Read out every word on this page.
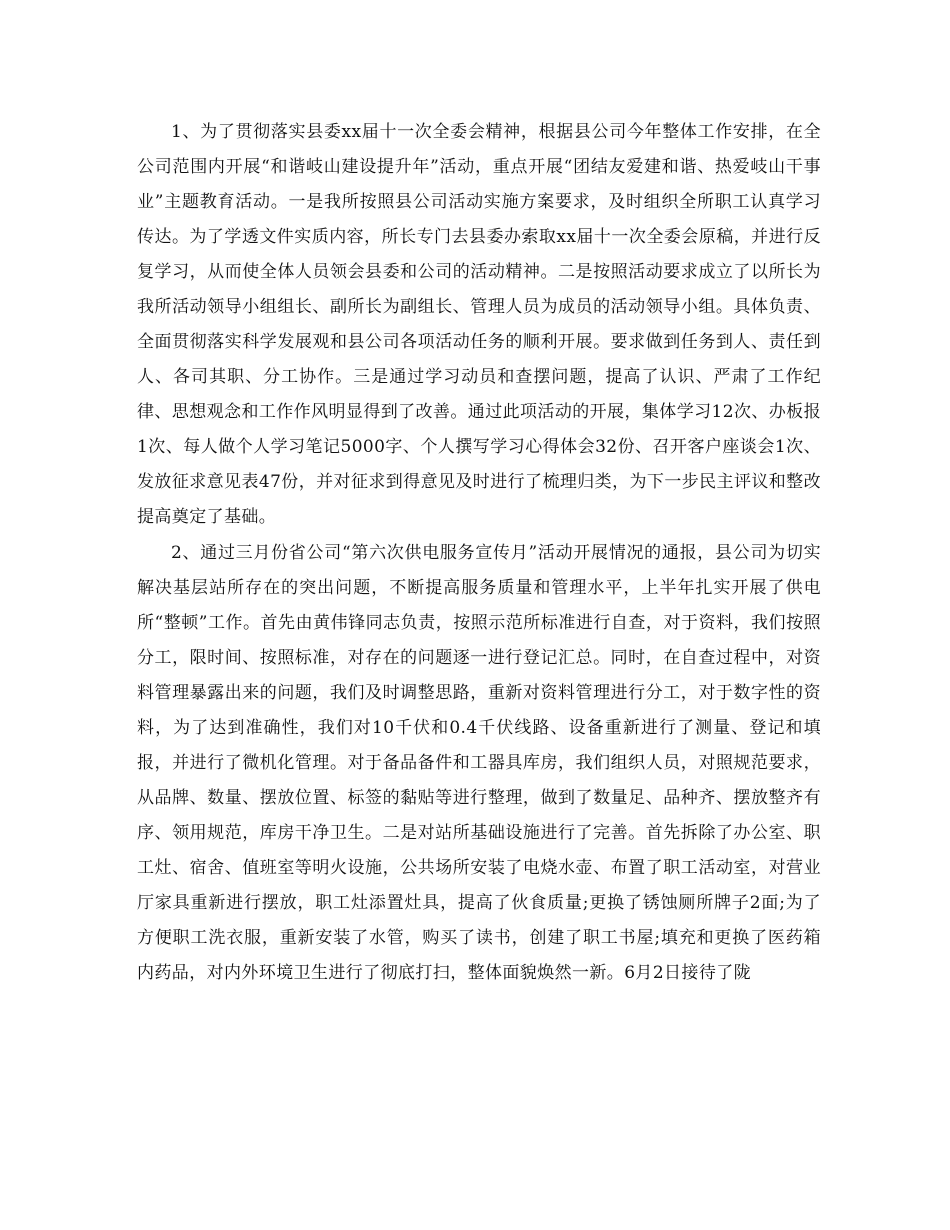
1、为了贯彻落实县委xx届十一次全委会精神，根据县公司今年整体工作安排，在全公司范围内开展“和谐岐山建设提升年”活动，重点开展“团结友爱建和谐、热爱岐山干事业”主题教育活动。一是我所按照县公司活动实施方案要求，及时组织全所职工认真学习传达。为了学透文件实质内容，所长专门去县委办索取xx届十一次全委会原稿，并进行反复学习，从而使全体人员领会县委和公司的活动精神。二是按照活动要求成立了以所长为我所活动领导小组组长、副所长为副组长、管理人员为成员的活动领导小组。具体负责、全面贯彻落实科学发展观和县公司各项活动任务的顺利开展。要求做到任务到人、责任到人、各司其职、分工协作。三是通过学习动员和查摆问题，提高了认识、严肃了工作纪律、思想观念和工作作风明显得到了改善。通过此项活动的开展，集体学习12次、办板报1次、每人做个人学习笔记5000字、个人撰写学习心得体会32份、召开客户座谈会1次、发放征求意见表47份，并对征求到得意见及时进行了梳理归类，为下一步民主评议和整改提高奠定了基础。

2、通过三月份省公司“第六次供电服务宣传月”活动开展情况的通报，县公司为切实解决基层站所存在的突出问题，不断提高服务质量和管理水平，上半年扎实开展了供电所“整顿”工作。首先由黄伟锋同志负责，按照示范所标准进行自查，对于资料，我们按照分工，限时间、按照标准，对存在的问题逐一进行登记汇总。同时，在自查过程中，对资料管理暴露出来的问题，我们及时调整思路，重新对资料管理进行分工，对于数字性的资料，为了达到准确性，我们对10千伏和0.4千伏线路、设备重新进行了测量、登记和填报，并进行了微机化管理。对于备品备件和工器具库房，我们组织人员，对照规范要求，从品牌、数量、摆放位置、标签的黏贴等进行整理，做到了数量足、品种齐、摆放整齐有序、领用规范，库房干净卫生。二是对站所基础设施进行了完善。首先拆除了办公室、职工灶、宿舍、值班室等明火设施，公共场所安装了电烧水壶、布置了职工活动室，对营业厅家具重新进行摆放，职工灶添置灶具，提高了伙食质量;更换了锈蚀厕所牌子2面;为了方便职工洗衣服，重新安装了水管，购买了读书，创建了职工书屋;填充和更换了医药箱内药品，对内外环境卫生进行了彻底打扫，整体面貌焕然一新。6月2日接待了陇
